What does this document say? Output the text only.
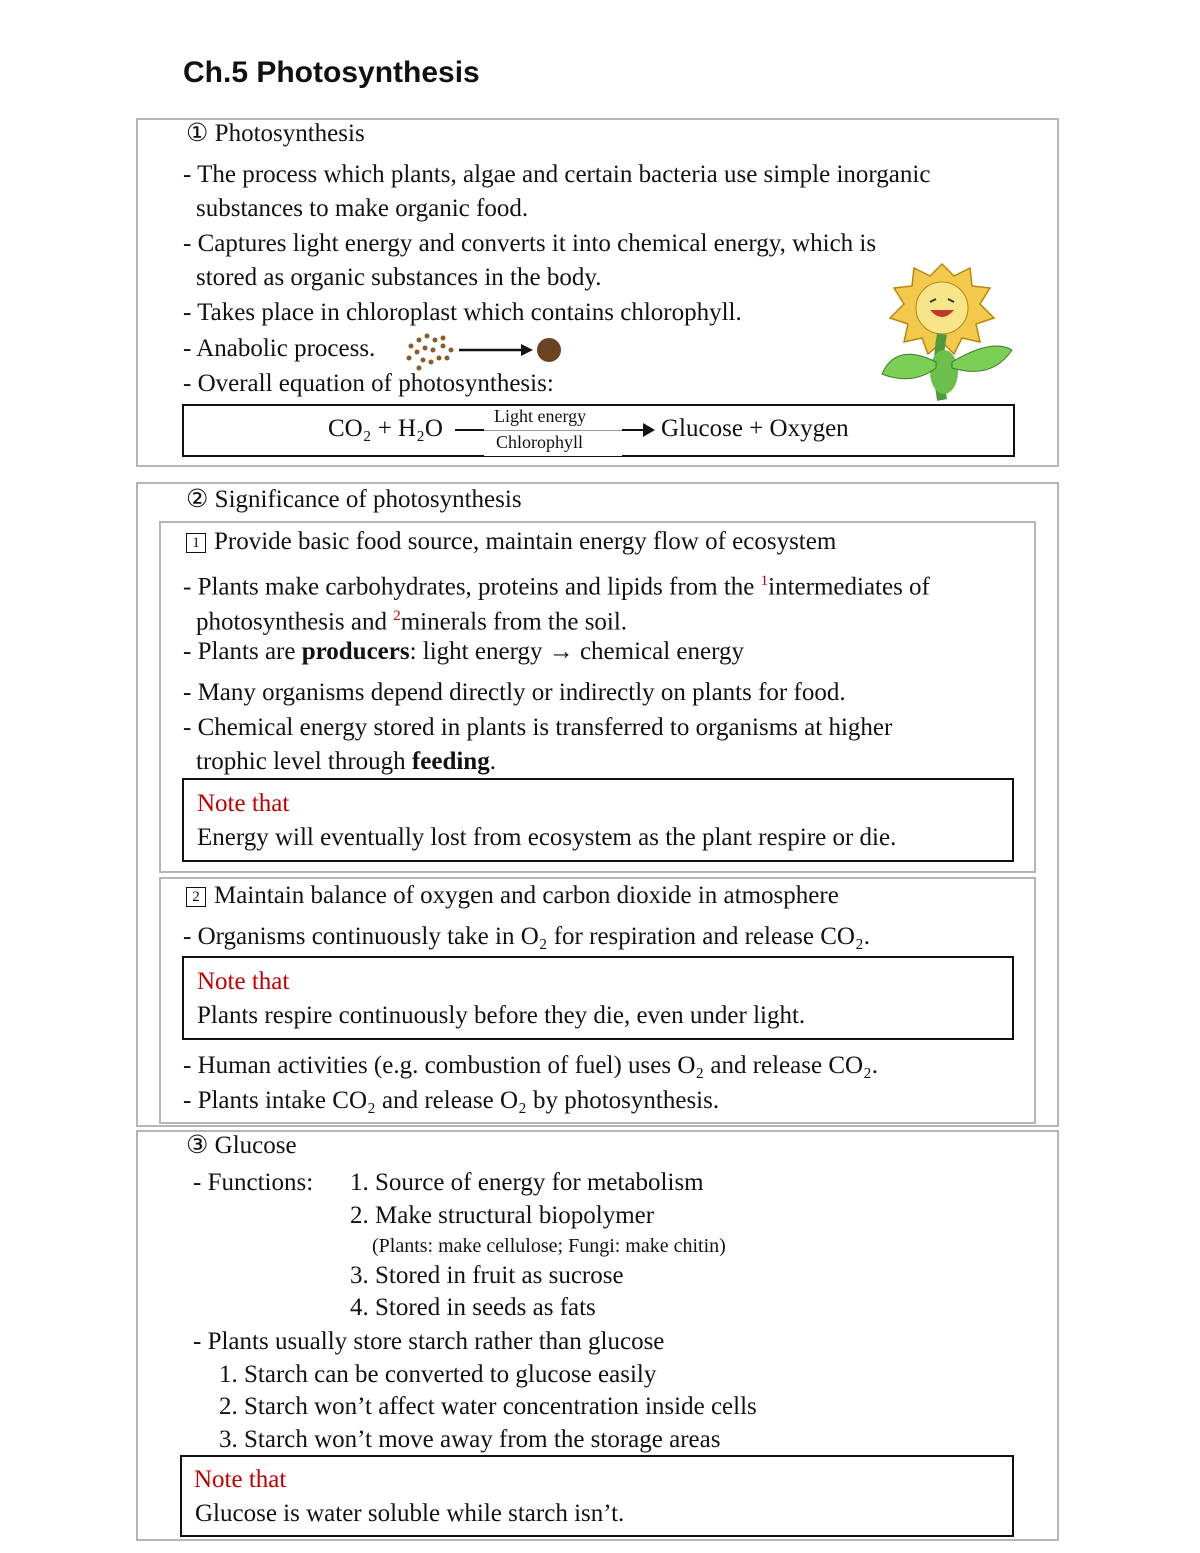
Ch.5 Photosynthesis
① Photosynthesis
- The process which plants, algae and certain bacteria use simple inorganic
substances to make organic food.
- Captures light energy and converts it into chemical energy, which is
stored as organic substances in the body.
- Takes place in chloroplast which contains chlorophyll.
- Anabolic process.
- Overall equation of photosynthesis:
CO₂ + H₂O	Light energy
Chlorophyll	Glucose + Oxygen
② Significance of photosynthesis
1 Provide basic food source, maintain energy flow of ecosystem
- Plants make carbohydrates, proteins and lipids from the $^1$intermediates of
photosynthesis and $^2$minerals from the soil.
- Plants are producers: light energy → chemical energy
- Many organisms depend directly or indirectly on plants for food.
- Chemical energy stored in plants is transferred to organisms at higher
trophic level through feeding.
Note that
Energy will eventually lost from ecosystem as the plant respire or die.
2 Maintain balance of oxygen and carbon dioxide in atmosphere
- Organisms continuously take in O₂ for respiration and release CO₂.
Note that
Plants respire continuously before they die, even under light.
- Human activities (e.g. combustion of fuel) uses O₂ and release CO₂.
- Plants intake CO₂ and release O₂ by photosynthesis.
③ Glucose
- Functions: 1. Source of energy for metabolism
2. Make structural biopolymer
(Plants: make cellulose; Fungi: make chitin)
3. Stored in fruit as sucrose
4. Stored in seeds as fats
- Plants usually store starch rather than glucose
1. Starch can be converted to glucose easily
2. Starch won’t affect water concentration inside cells
3. Starch won’t move away from the storage areas
Note that
Glucose is water soluble while starch isn’t.
